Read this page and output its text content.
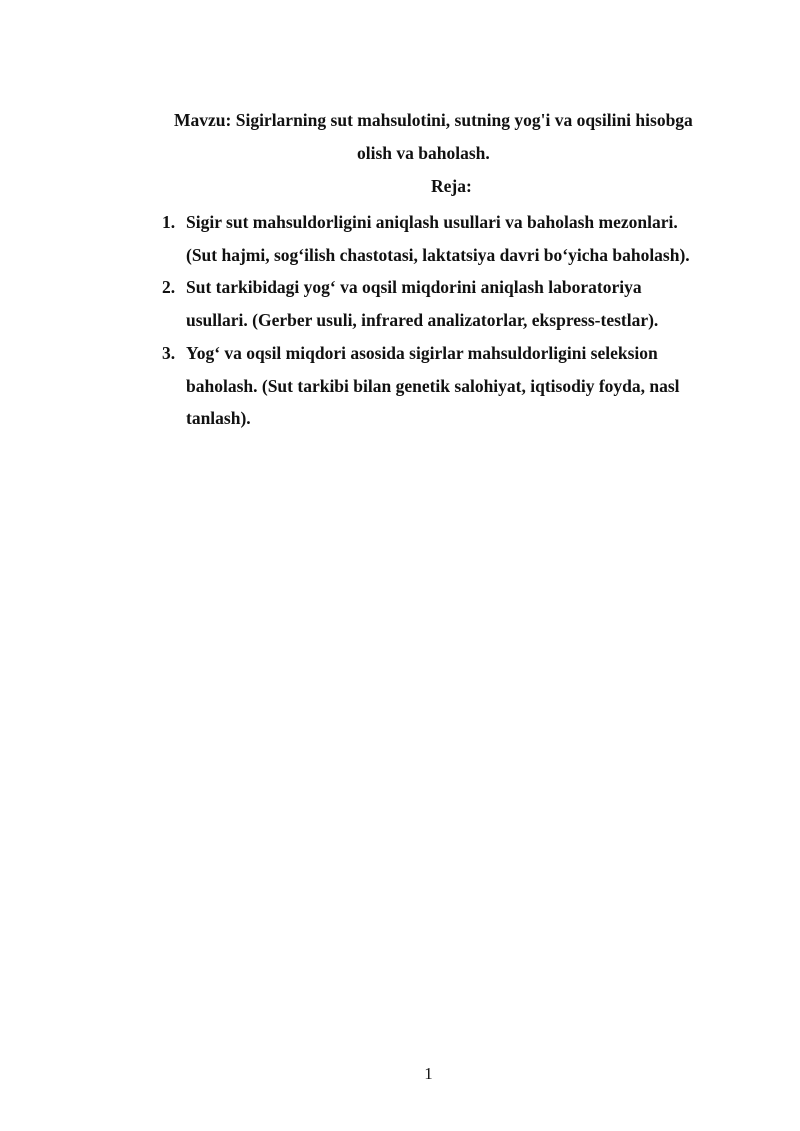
Mavzu: Sigirlarning sut mahsulotini, sutning yog'i va oqsilini hisobga
olish va baholash.
Reja:
1. Sigir sut mahsuldorligini aniqlash usullari va baholash mezonlari.
(Sut hajmi, sog‘ilish chastotasi, laktatsiya davri bo‘yicha baholash).
2. Sut tarkibidagi yog‘ va oqsil miqdorini aniqlash laboratoriya
usullari. (Gerber usuli, infrared analizatorlar, ekspress-testlar).
3. Yog‘ va oqsil miqdori asosida sigirlar mahsuldorligini seleksion
baholash. (Sut tarkibi bilan genetik salohiyat, iqtisodiy foyda, nasl
tanlash).
1
